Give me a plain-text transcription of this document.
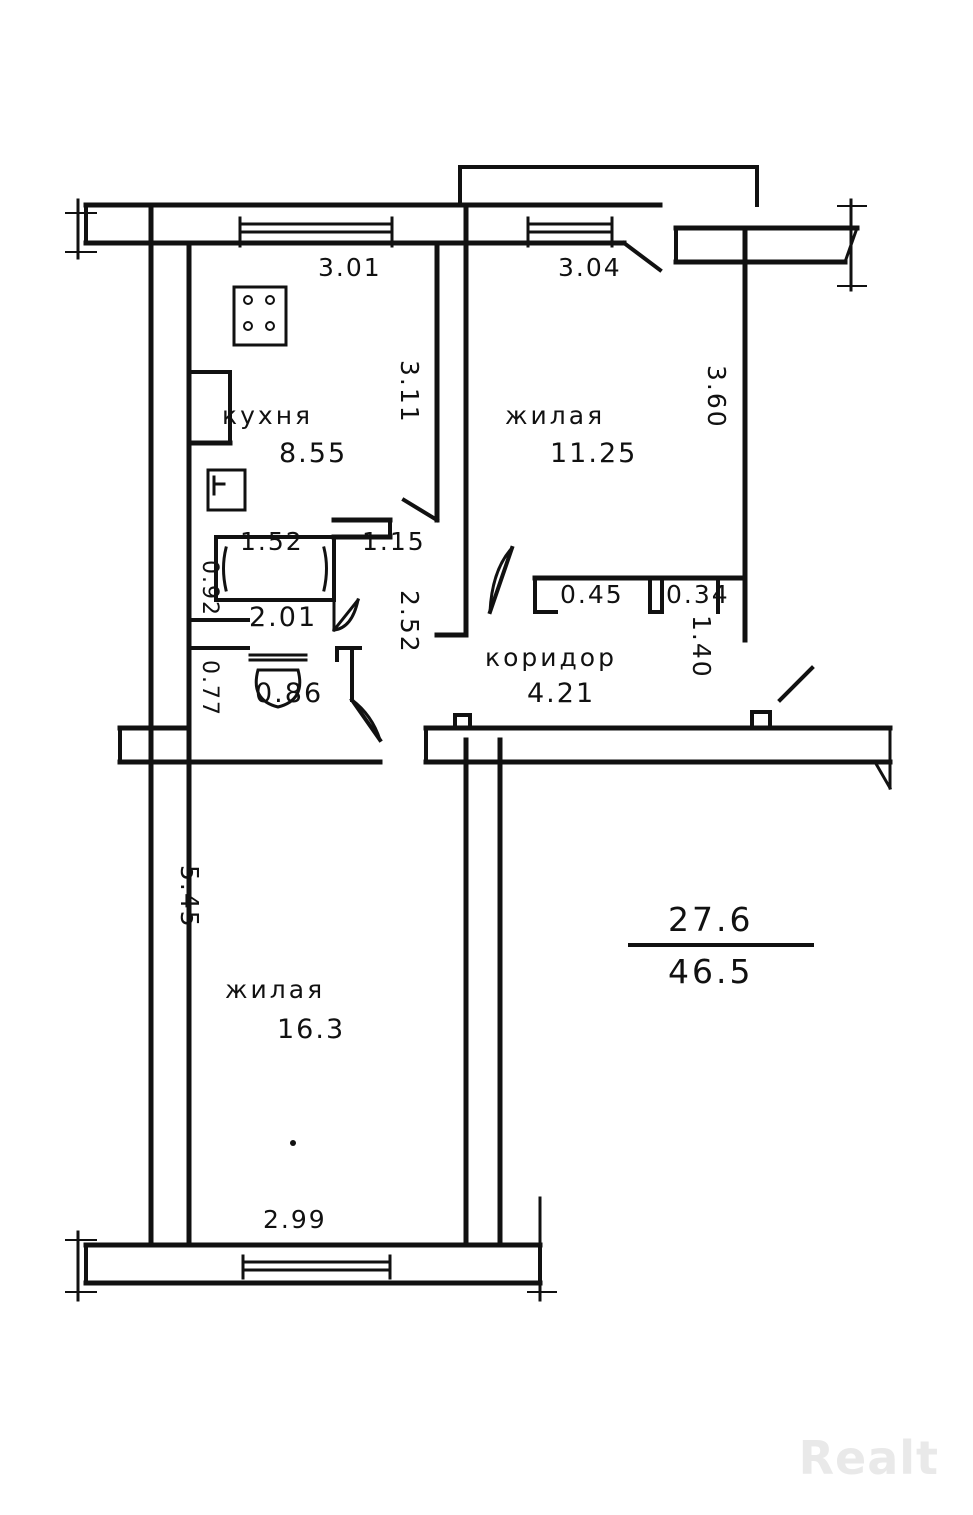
3.01	3.04
3.11	3.60
2.52	1.40
5.45
0.92
0.77
кухня
8.55
жилая
11.25
жилая
16.3
коридор
4.21
2.01
0.86
1.52 1.15
0.45 0.34
2.99
27.6
46.5
Realt
